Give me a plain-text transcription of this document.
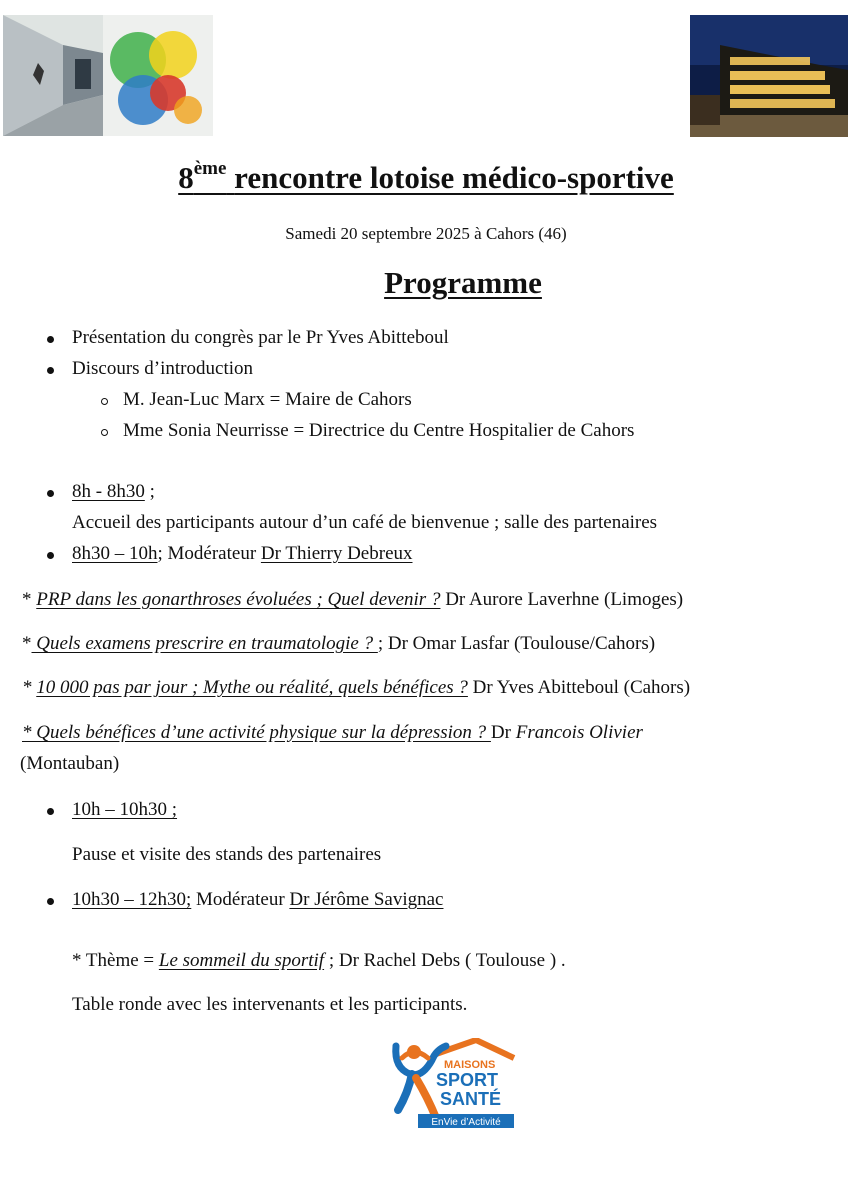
8ème rencontre lotoise médico-sportive
Samedi 20 septembre 2025 à Cahors (46)
Programme
Présentation du congrès par le Pr Yves Abitteboul
Discours d’introduction
M. Jean-Luc Marx = Maire de Cahors
Mme Sonia Neurrisse = Directrice du Centre Hospitalier de Cahors
8h - 8h30 ;
Accueil des participants autour d’un café de bienvenue ; salle des partenaires
8h30 – 10h; Modérateur Dr Thierry Debreux
* PRP dans les gonarthroses évoluées ; Quel devenir ? Dr Aurore Laverhne (Limoges)
* Quels examens prescrire en traumatologie ? ; Dr Omar Lasfar (Toulouse/Cahors)
* 10 000 pas par jour ; Mythe ou réalité, quels bénéfices ? Dr Yves Abitteboul (Cahors)
* Quels bénéfices d’une activité physique sur la dépression ? Dr Francois Olivier
(Montauban)
10h – 10h30 ;
Pause et visite des stands des partenaires
10h30 – 12h30; Modérateur Dr Jérôme Savignac
* Thème = Le sommeil du sportif ; Dr Rachel Debs ( Toulouse ) .
Table ronde avec les intervenants et les participants.
MAISONS
SPORT
SANTÉ
EnVie d’Activité
